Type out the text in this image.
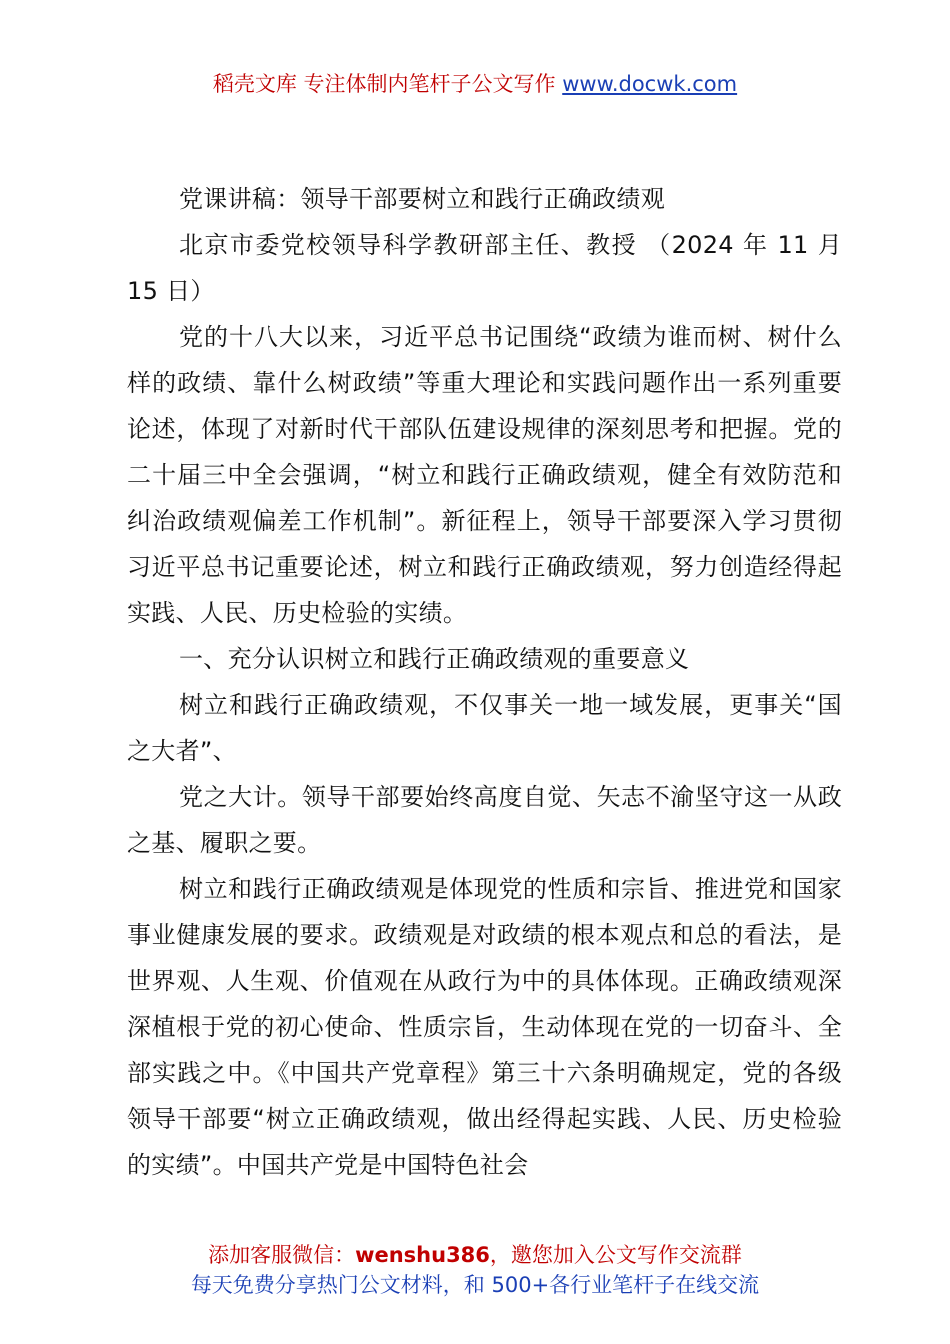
稻壳文库 专注体制内笔杆子公文写作 www.docwk.com

党课讲稿：领导干部要树立和践行正确政绩观

北京市委党校领导科学教研部主任、教授 （2024 年 11 月 15 日）

党的十八大以来，习近平总书记围绕“政绩为谁而树、树什么样的政绩、靠什么树政绩”等重大理论和实践问题作出一系列重要论述，体现了对新时代干部队伍建设规律的深刻思考和把握。党的二十届三中全会强调，“树立和践行正确政绩观，健全有效防范和纠治政绩观偏差工作机制”。新征程上，领导干部要深入学习贯彻习近平总书记重要论述，树立和践行正确政绩观，努力创造经得起实践、人民、历史检验的实绩。

一、充分认识树立和践行正确政绩观的重要意义

树立和践行正确政绩观，不仅事关一地一域发展，更事关“国之大者”、

党之大计。领导干部要始终高度自觉、矢志不渝坚守这一从政之基、履职之要。

树立和践行正确政绩观是体现党的性质和宗旨、推进党和国家事业健康发展的要求。政绩观是对政绩的根本观点和总的看法，是世界观、人生观、价值观在从政行为中的具体体现。正确政绩观深深植根于党的初心使命、性质宗旨，生动体现在党的一切奋斗、全部实践之中。《中国共产党章程》第三十六条明确规定，党的各级领导干部要“树立正确政绩观，做出经得起实践、人民、历史检验的实绩”。中国共产党是中国特色社会

添加客服微信：wenshu386，邀您加入公文写作交流群
每天免费分享热门公文材料，和 500+各行业笔杆子在线交流
